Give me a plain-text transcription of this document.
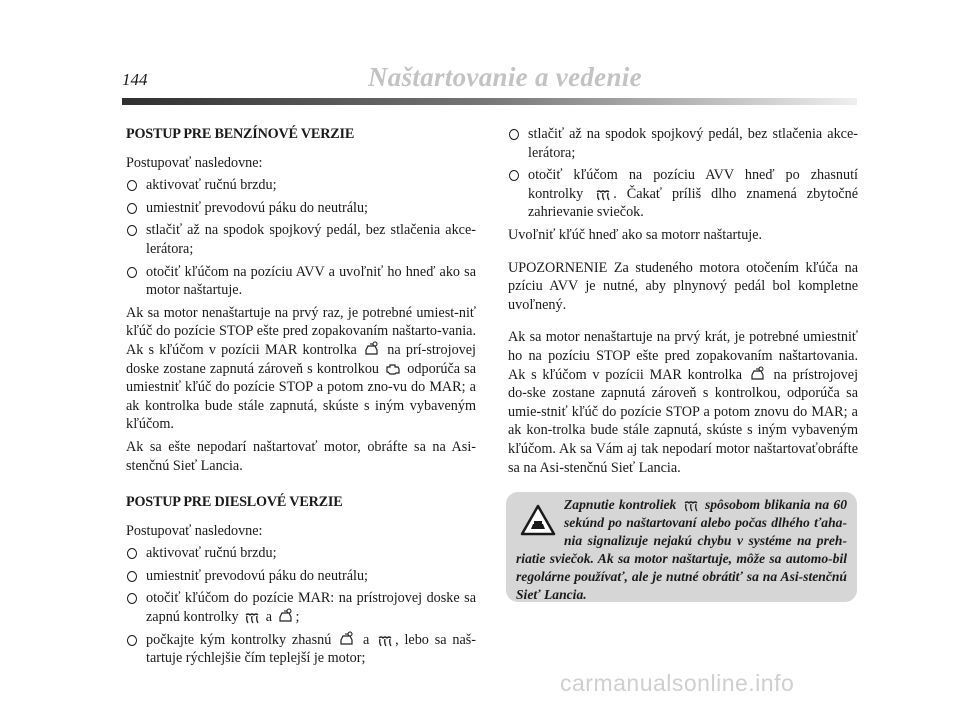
144	Naštartovanie a vedenie
POSTUP PRE BENZÍNOVÉ VERZIE
Postupovať nasledovne:
aktivovať ručnú brzdu;
umiestniť prevodovú páku do neutrálu;
stlačiť až na spodok spojkový pedál, bez stlačenia akce-lerátora;
otočiť kľúčom na pozíciu AVV a uvoľniť ho hneď ako sa motor naštartuje.
Ak sa motor nenaštartuje na prvý raz, je potrebné umiest-niť kľúč do pozície STOP ešte pred zopakovaním naštarto-vania. Ak s kľúčom v pozícii MAR kontrolka na prí-strojovej doske zostane zapnutá zároveň s kontrolkou odporúča sa umiestniť kľúč do pozície STOP a potom zno-vu do MAR; a ak kontrolka bude stále zapnutá, skúste s iným vybaveným kľúčom.
Ak sa ešte nepodarí naštartovať motor, obráfte sa na Asi-stenčnú Sieť Lancia.
POSTUP PRE DIESLOVÉ VERZIE
Postupovať nasledovne:
aktivovať ručnú brzdu;
umiestniť prevodovú páku do neutrálu;
otočiť kľúčom do pozície MAR: na prístrojovej doske sa zapnú kontrolky a ;
počkajte kým kontrolky zhasnú a , lebo sa naš-tartuje rýchlejšie čím teplejší je motor;
stlačiť až na spodok spojkový pedál, bez stlačenia akce-lerátora;
otočiť kľúčom na pozíciu AVV hneď po zhasnutí kontrolky . Čakať príliš dlho znamená zbytočné zahrievanie sviečok.
Uvoľniť kľúč hneď ako sa motorr naštartuje.
UPOZORNENIE Za studeného motora otočením kľúča na pzíciu AVV je nutné, aby plnynový pedál bol kompletne uvoľnený.
Ak sa motor nenaštartuje na prvý krát, je potrebné umiestniť ho na pozíciu STOP ešte pred zopakovaním naštartovania. Ak s kľúčom v pozícii MAR kontrolka na prístrojovej do-ske zostane zapnutá zároveň s kontrolkou, odporúča sa umie-stniť kľúč do pozície STOP a potom znovu do MAR; a ak kon-trolka bude stále zapnutá, skúste s iným vybaveným kľúčom. Ak sa Vám aj tak nepodarí motor naštartovaťobráfte sa na Asi-stenčnú Sieť Lancia.
Zapnutie kontroliek spôsobom blikania na 60 sekúnd po naštartovaní alebo počas dlhého ťaha-nia signalizuje nejakú chybu v systéme na preh-riatie sviečok. Ak sa motor naštartuje, môže sa automo-bil regolárne používať, ale je nutné obrátiť sa na Asi-stenčnú Sieť Lancia.
carmanualsonline.info
